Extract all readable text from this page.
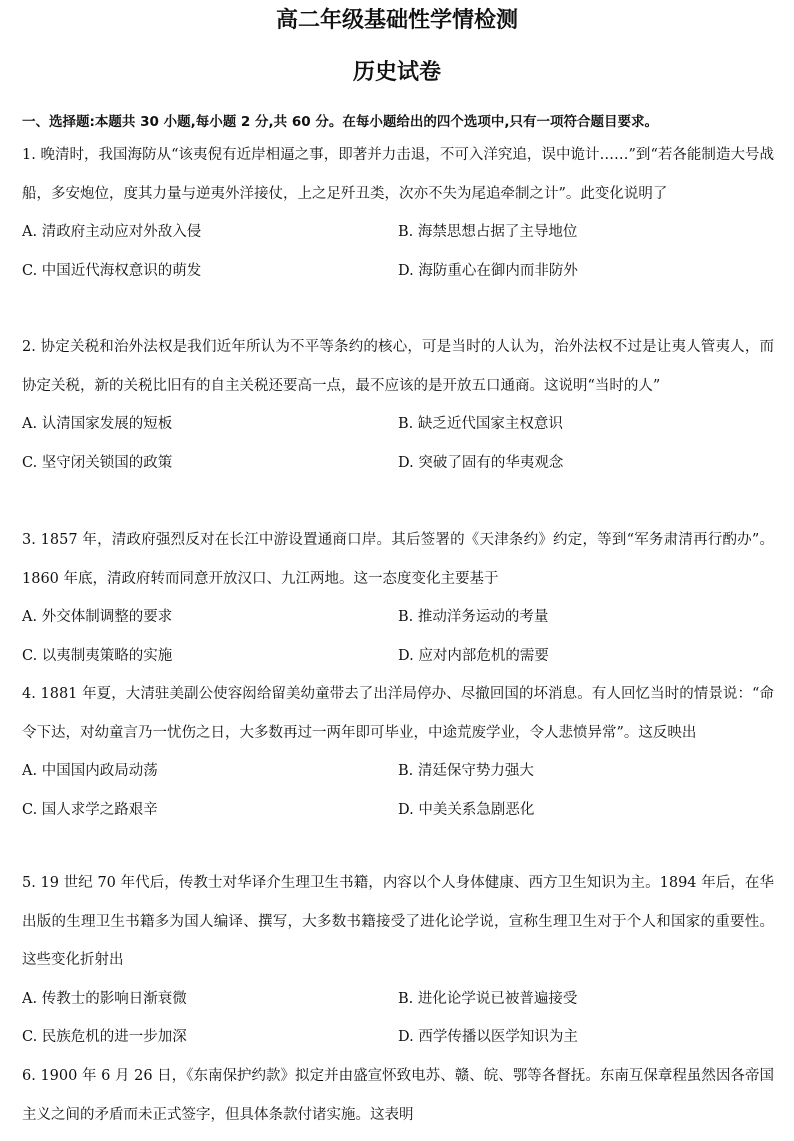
高二年级基础性学情检测
历史试卷
一、选择题:本题共 30 小题,每小题 2 分,共 60 分。在每小题给出的四个选项中,只有一项符合题目要求。
1. 晚清时，我国海防从“该夷倪有近岸相逼之事，即著并力击退，不可入洋究追，误中诡计……”到“若各能制造大号战船，多安炮位，度其力量与逆夷外洋接仗，上之足歼丑类，次亦不失为尾追牵制之计”。此变化说明了
A. 清政府主动应对外敌入侵	B. 海禁思想占据了主导地位
C. 中国近代海权意识的萌发	D. 海防重心在御内而非防外
2. 协定关税和治外法权是我们近年所认为不平等条约的核心，可是当时的人认为，治外法权不过是让夷人管夷人，而协定关税，新的关税比旧有的自主关税还要高一点，最不应该的是开放五口通商。这说明“当时的人”
A. 认清国家发展的短板	B. 缺乏近代国家主权意识
C. 坚守闭关锁国的政策	D. 突破了固有的华夷观念
3. 1857 年，清政府强烈反对在长江中游设置通商口岸。其后签署的《天津条约》约定，等到“军务肃清再行酌办”。1860 年底，清政府转而同意开放汉口、九江两地。这一态度变化主要基于
A. 外交体制调整的要求	B. 推动洋务运动的考量
C. 以夷制夷策略的实施	D. 应对内部危机的需要
4. 1881 年夏，大清驻美副公使容闳给留美幼童带去了出洋局停办、尽撤回国的坏消息。有人回忆当时的情景说：“命令下达，对幼童言乃一忧伤之日，大多数再过一两年即可毕业，中途荒废学业，令人悲愤异常”。这反映出
A. 中国国内政局动荡	B. 清廷保守势力强大
C. 国人求学之路艰辛	D. 中美关系急剧恶化
5. 19 世纪 70 年代后，传教士对华译介生理卫生书籍，内容以个人身体健康、西方卫生知识为主。1894 年后，在华出版的生理卫生书籍多为国人编译、撰写，大多数书籍接受了进化论学说，宣称生理卫生对于个人和国家的重要性。这些变化折射出
A. 传教士的影响日渐衰微	B. 进化论学说已被普遍接受
C. 民族危机的进一步加深	D. 西学传播以医学知识为主
6. 1900 年 6 月 26 日，《东南保护约款》拟定并由盛宣怀致电苏、赣、皖、鄂等各督抚。东南互保章程虽然因各帝国主义之间的矛盾而未正式签字，但具体条款付诸实施。这表明
